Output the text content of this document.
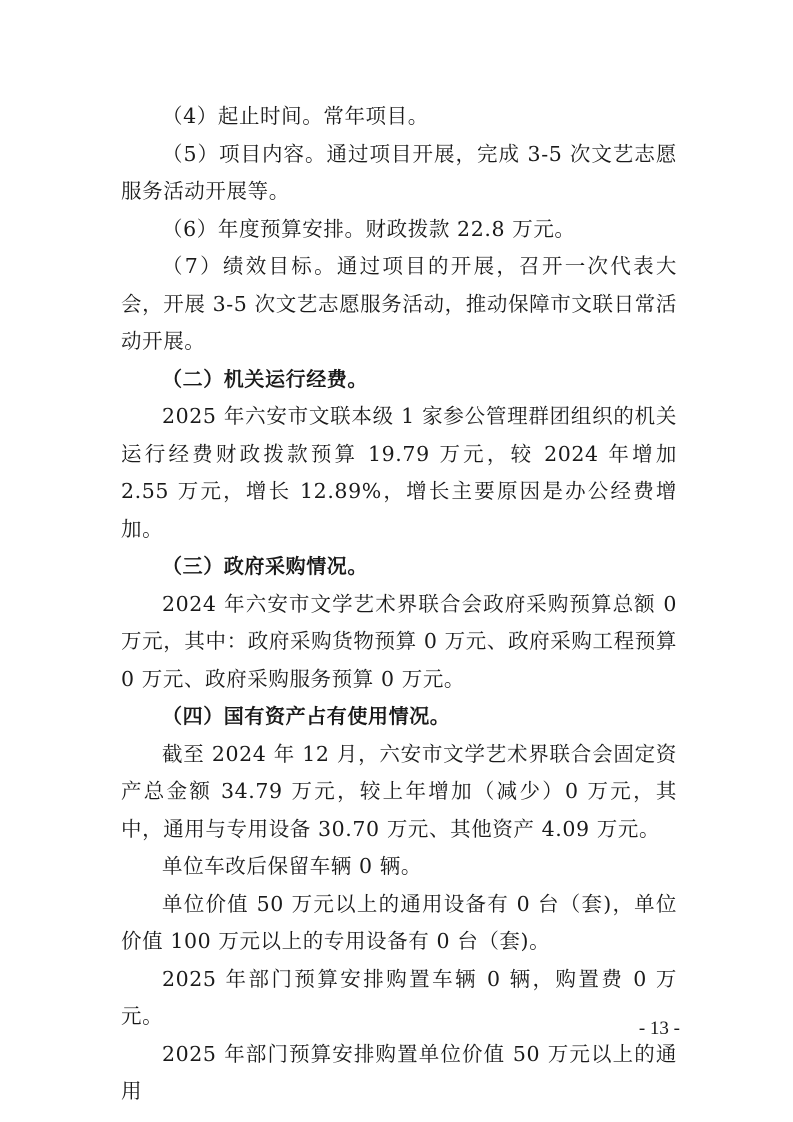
（4）起止时间。常年项目。

（5）项目内容。通过项目开展，完成 3-5 次文艺志愿服务活动开展等。

（6）年度预算安排。财政拨款 22.8 万元。

（7）绩效目标。通过项目的开展，召开一次代表大会，开展 3-5 次文艺志愿服务活动，推动保障市文联日常活动开展。

（二）机关运行经费。

2025 年六安市文联本级 1 家参公管理群团组织的机关运行经费财政拨款预算 19.79 万元，较 2024 年增加 2.55 万元，增长 12.89%，增长主要原因是办公经费增加。

（三）政府采购情况。

2024 年六安市文学艺术界联合会政府采购预算总额 0 万元，其中：政府采购货物预算 0 万元、政府采购工程预算 0 万元、政府采购服务预算 0 万元。

（四）国有资产占有使用情况。

截至 2024 年 12 月，六安市文学艺术界联合会固定资产总金额 34.79 万元，较上年增加（减少）0 万元，其中，通用与专用设备 30.70 万元、其他资产 4.09 万元。

单位车改后保留车辆 0 辆。

单位价值 50 万元以上的通用设备有 0 台（套)，单位价值 100 万元以上的专用设备有 0 台（套)。

2025 年部门预算安排购置车辆 0 辆，购置费 0 万元。

2025 年部门预算安排购置单位价值 50 万元以上的通用

- 13 -
